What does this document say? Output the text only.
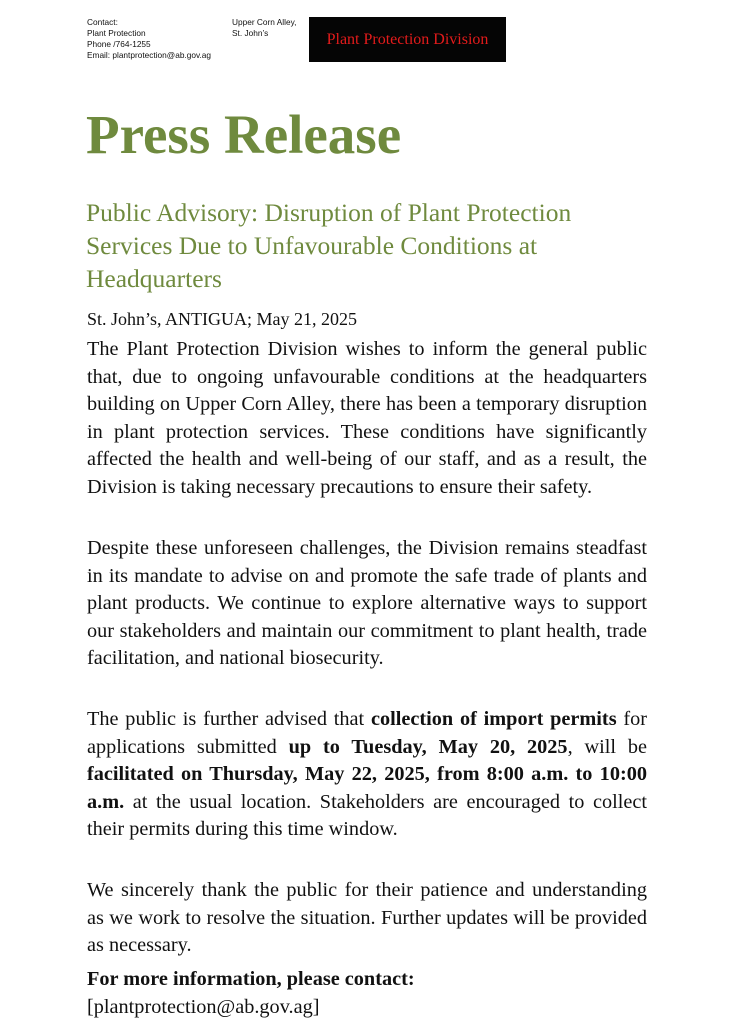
Contact:
Plant Protection
Phone /764-1255
Email: plantprotection@ab.gov.ag
Upper Corn Alley,
St. John’s	Plant Protection Division
Press Release
Public Advisory: Disruption of Plant Protection Services Due to Unfavourable Conditions at Headquarters
St. John’s, ANTIGUA; May 21, 2025

The Plant Protection Division wishes to inform the general public that, due to ongoing unfavourable conditions at the headquarters building on Upper Corn Alley, there has been a temporary disruption in plant protection services. These conditions have significantly affected the health and well-being of our staff, and as a result, the Division is taking necessary precautions to ensure their safety.

Despite these unforeseen challenges, the Division remains steadfast in its mandate to advise on and promote the safe trade of plants and plant products. We continue to explore alternative ways to support our stakeholders and maintain our commitment to plant health, trade facilitation, and national biosecurity.

The public is further advised that collection of import permits for applications submitted up to Tuesday, May 20, 2025, will be facilitated on Thursday, May 22, 2025, from 8:00 a.m. to 10:00 a.m. at the usual location. Stakeholders are encouraged to collect their permits during this time window.

We sincerely thank the public for their patience and understanding as we work to resolve the situation. Further updates will be provided as necessary.

For more information, please contact:
[plantprotection@ab.gov.ag]
